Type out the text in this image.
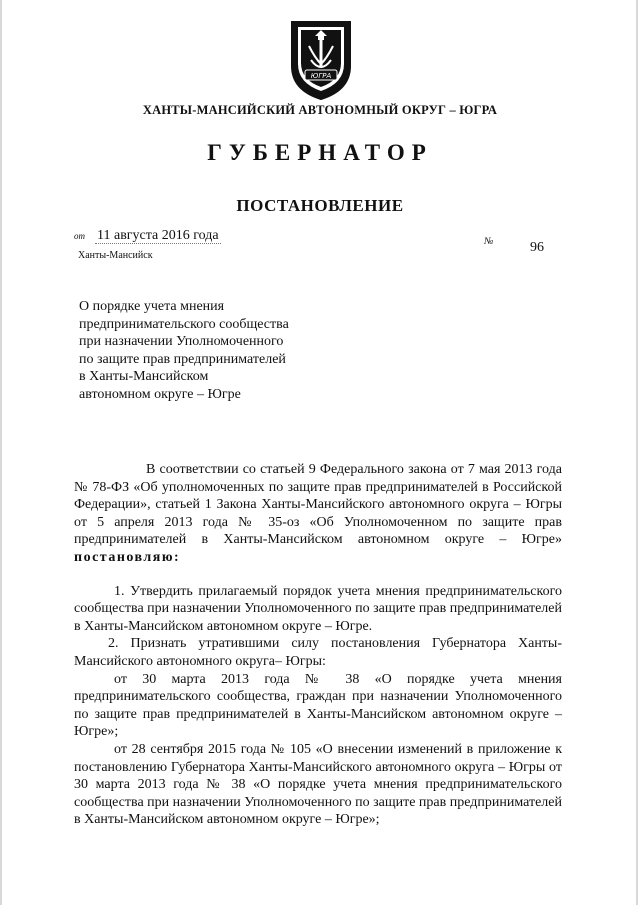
ЮГРА
ХАНТЫ-МАНСИЙСКИЙ АВТОНОМНЫЙ ОКРУГ – ЮГРА
ГУБЕРНАТОР
ПОСТАНОВЛЕНИЕ
от 11 августа 2016 года
Ханты-Мансийск
№	96
О порядке учета мнения
предпринимательского сообщества
при назначении Уполномоченного
по защите прав предпринимателей
в Ханты-Мансийском
автономном округе – Югре

В соответствии со статьей 9 Федерального закона от 7 мая 2013 года № 78-ФЗ «Об уполномоченных по защите прав предпринимателей в Российской Федерации», статьей 1 Закона Ханты-Мансийского автономного округа – Югры от 5 апреля 2013 года № 35-оз «Об Уполномоченном по защите прав предпринимателей в Ханты-Мансийском автономном округе – Югре» постановляю:

1. Утвердить прилагаемый порядок учета мнения предпринимательского сообщества при назначении Уполномоченного по защите прав предпринимателей в Ханты-Мансийском автономном округе – Югре.

2. Признать утратившими силу постановления Губернатора Ханты-Мансийского автономного округа– Югры:

от 30 марта 2013 года № 38 «О порядке учета мнения предпринимательского сообщества, граждан при назначении Уполномоченного по защите прав предпринимателей в Ханты-Мансийском автономном округе – Югре»;

от 28 сентября 2015 года № 105 «О внесении изменений в приложение к постановлению Губернатора Ханты-Мансийского автономного округа – Югры от 30 марта 2013 года № 38 «О порядке учета мнения предпринимательского сообщества при назначении Уполномоченного по защите прав предпринимателей в Ханты-Мансийском автономном округе – Югре»;
